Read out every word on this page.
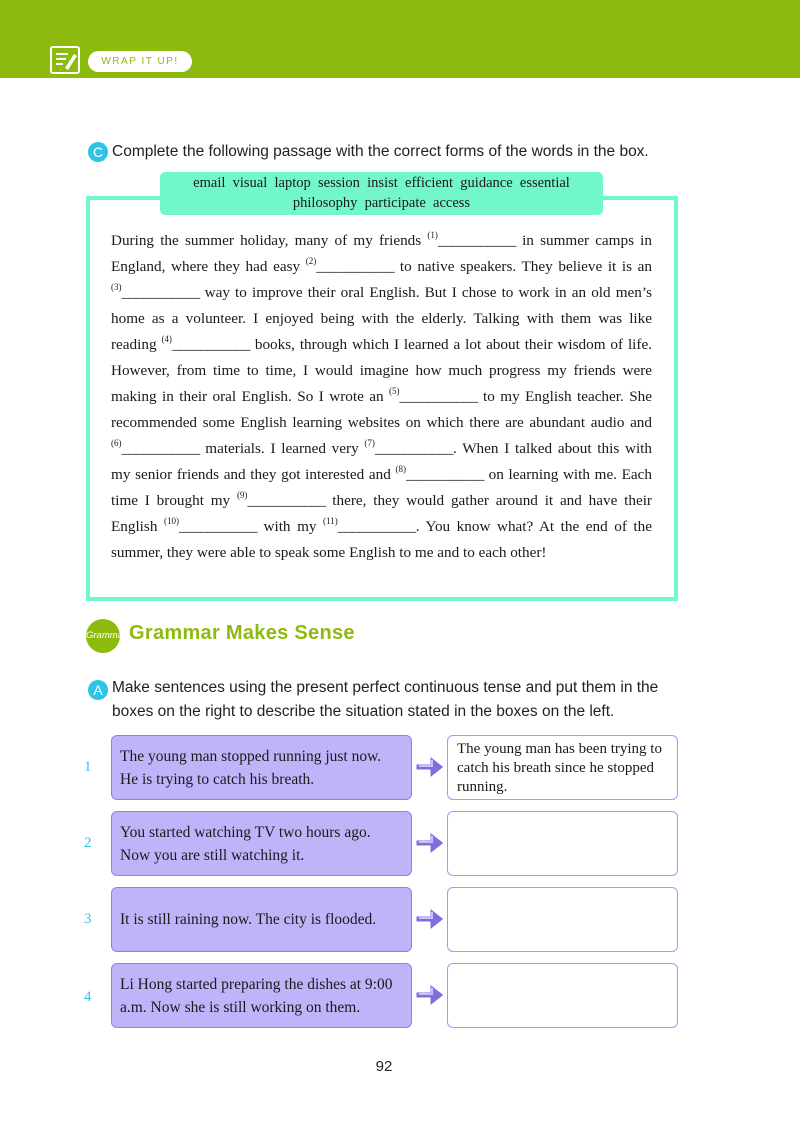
WRAP IT UP!
C Complete the following passage with the correct forms of the words in the box.
email  visual  laptop  session  insist  efficient  guidance  essential
philosophy  participate  access
During the summer holiday, many of my friends $^{(1)}$___________ in summer camps in England, where they had easy $^{(2)}$___________ to native speakers. They believe it is an $^{(3)}$___________ way to improve their oral English. But I chose to work in an old men’s home as a volunteer. I enjoyed being with the elderly. Talking with them was like reading $^{(4)}$___________ books, through which I learned a lot about their wisdom of life. However, from time to time, I would imagine how much progress my friends were making in their oral English. So I wrote an $^{(5)}$___________ to my English teacher. She recommended some English learning websites on which there are abundant audio and $^{(6)}$___________ materials. I learned very $^{(7)}$___________. When I talked about this with my senior friends and they got interested and $^{(8)}$___________ on learning with me. Each time I brought my $^{(9)}$___________ there, they would gather around it and have their English $^{(10)}$___________ with my $^{(11)}$___________. You know what? At the end of the summer, they were able to speak some English to me and to each other!
Grammar Grammar Makes Sense
A Make sentences using the present perfect continuous tense and put them in the boxes on the right to describe the situation stated in the boxes on the left.
1
The young man stopped running just now.
He is trying to catch his breath.
The young man has been trying to catch his breath since he stopped running.
2
You started watching TV two hours ago.
Now you are still watching it.
3 It is still raining now. The city is flooded.
4
Li Hong started preparing the dishes at 9:00
a.m. Now she is still working on them.
92
